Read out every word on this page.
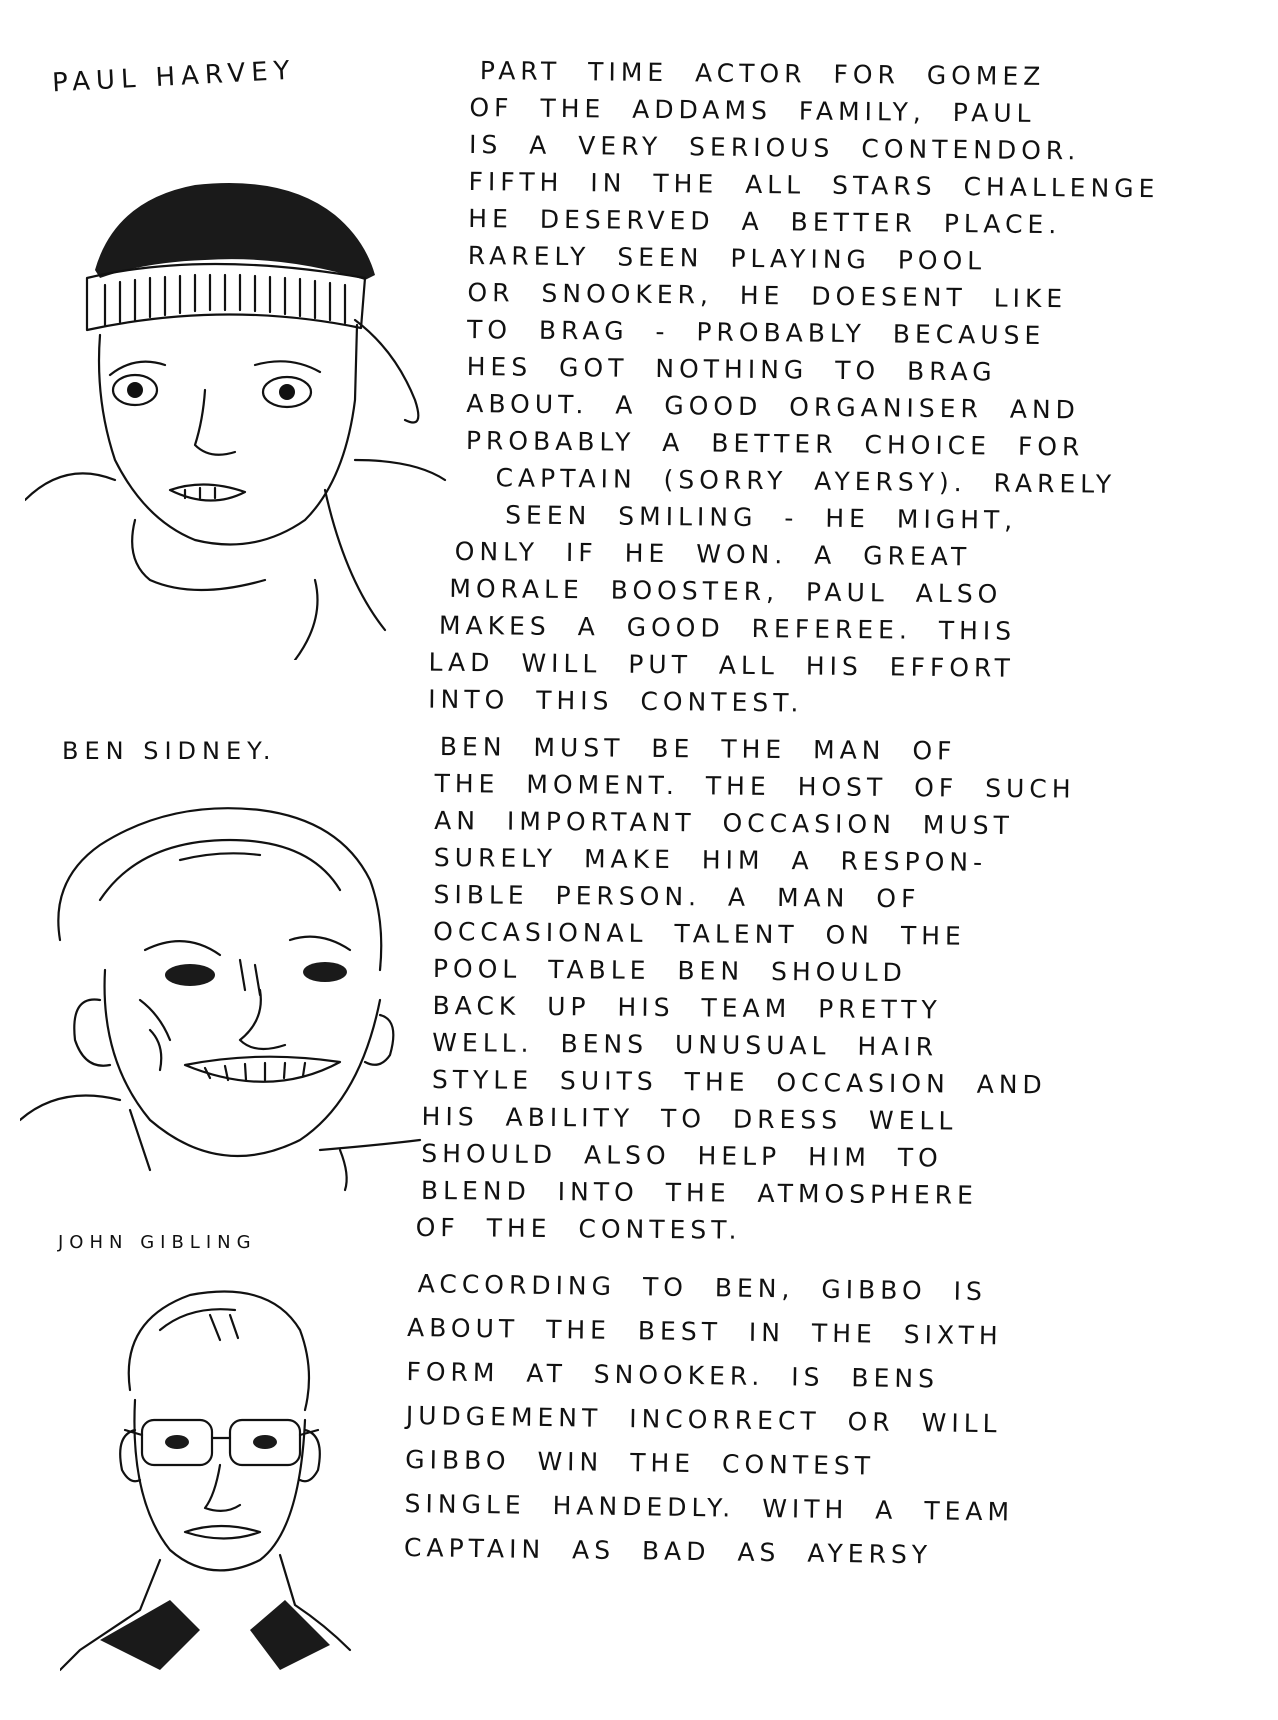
PAUL HARVEY	PART TIME ACTOR FOR GOMEZ
OF THE ADDAMS FAMILY, PAUL
IS A VERY SERIOUS CONTENDOR.
FIFTH IN THE ALL STARS CHALLENGE
HE DESERVED A BETTER PLACE.
RARELY SEEN PLAYING POOL
OR SNOOKER, HE DOESENT LIKE
TO BRAG - PROBABLY BECAUSE
HES GOT NOTHING TO BRAG
ABOUT. A GOOD ORGANISER AND
PROBABLY A BETTER CHOICE FOR
CAPTAIN (SORRY AYERSY). RARELY
SEEN SMILING - HE MIGHT,
ONLY IF HE WON. A GREAT
MORALE BOOSTER, PAUL ALSO
MAKES A GOOD REFEREE. THIS
LAD WILL PUT ALL HIS EFFORT
INTO THIS CONTEST.
BEN SIDNEY.	BEN MUST BE THE MAN OF
THE MOMENT. THE HOST OF SUCH
AN IMPORTANT OCCASION MUST
SURELY MAKE HIM A RESPON-
SIBLE PERSON. A MAN OF
OCCASIONAL TALENT ON THE
POOL TABLE BEN SHOULD
BACK UP HIS TEAM PRETTY
WELL. BENS UNUSUAL HAIR
STYLE SUITS THE OCCASION AND
HIS ABILITY TO DRESS WELL
SHOULD ALSO HELP HIM TO
BLEND INTO THE ATMOSPHERE
OF THE CONTEST.
JOHN GIBLING
ACCORDING TO BEN, GIBBO IS
ABOUT THE BEST IN THE SIXTH
FORM AT SNOOKER. IS BENS
JUDGEMENT INCORRECT OR WILL
GIBBO WIN THE CONTEST
SINGLE HANDEDLY. WITH A TEAM
CAPTAIN AS BAD AS AYERSY
